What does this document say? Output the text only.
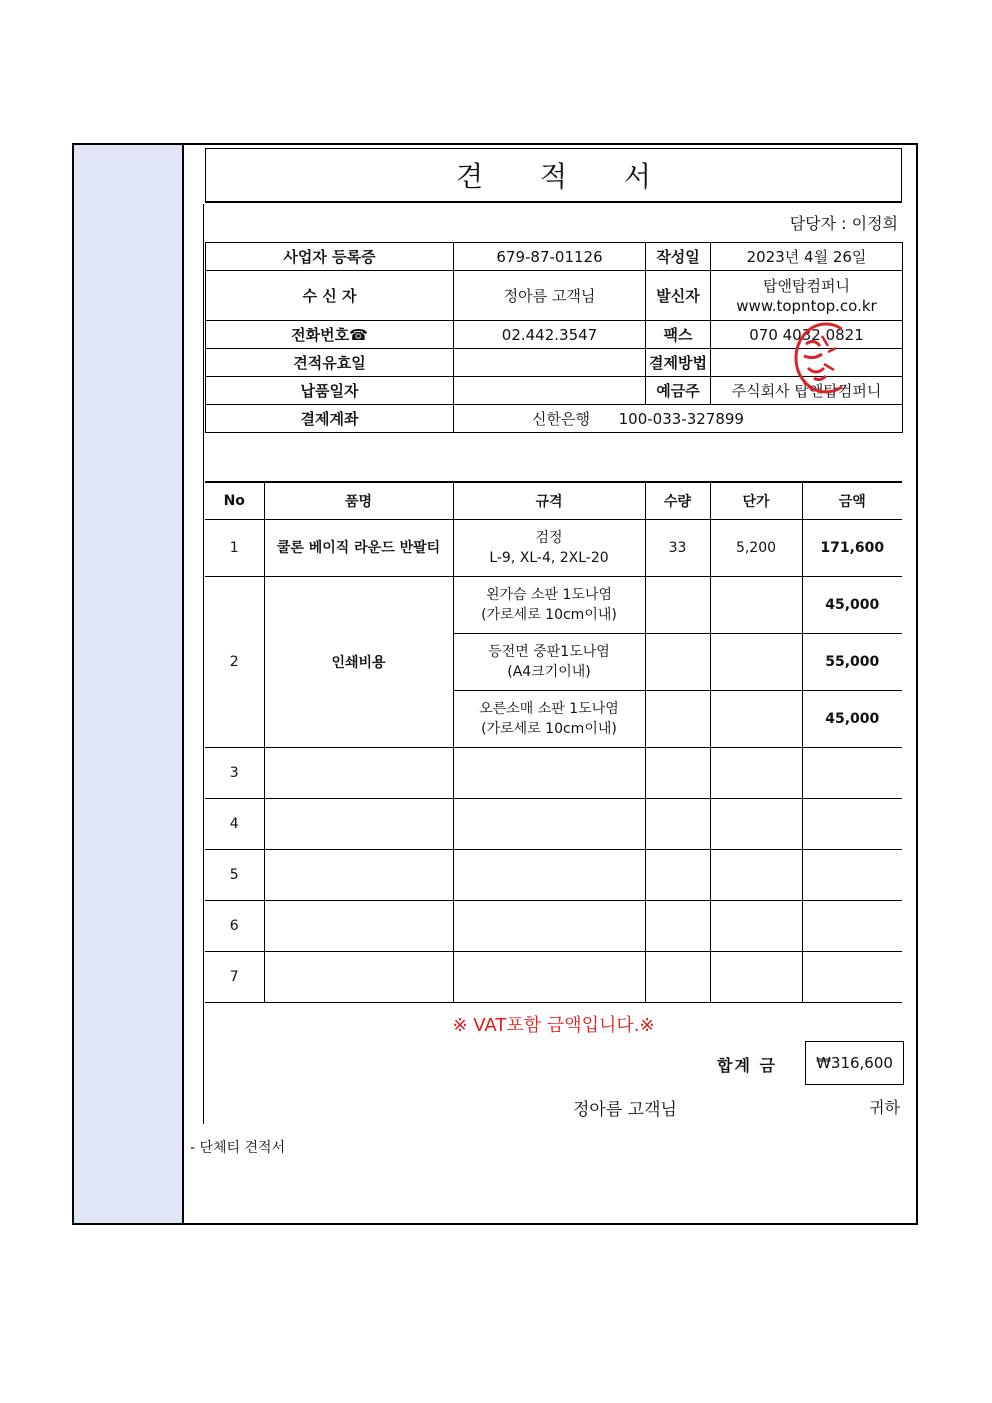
견 적 서
담당자 : 이정희
사업자 등록증	679-87-01126	작성일	2023년 4월 26일
수 신 자	정아름 고객님	발신자	탑앤탑컴퍼니
www.topntop.co.kr

전화번호☎	02.442.3547	팩스	070 4032 0821
견적유효일		결제방법	
납품일자		예금주	주식회사 탑앤탑컴퍼니
결제계좌	신한은행 100-033-327899		
No	품명	규격	수량	단가	금액
1	쿨론 베이직 라운드 반팔티	검정
L-9, XL-4, 2XL-20	33	5,200	171,600
2	인쇄비용	왼가슴 소판 1도나염
(가로세로 10cm이내)			45,000

		등전면 중판1도나염
(A4크기이내)			55,000

		오른소매 소판 1도나염
(가로세로 10cm이내)			45,000
3					
4					
5					
6					
7					
※ VAT포함 금액입니다.※
합계 금	₩316,600
정아름 고객님	귀하
- 단체티 견적서
